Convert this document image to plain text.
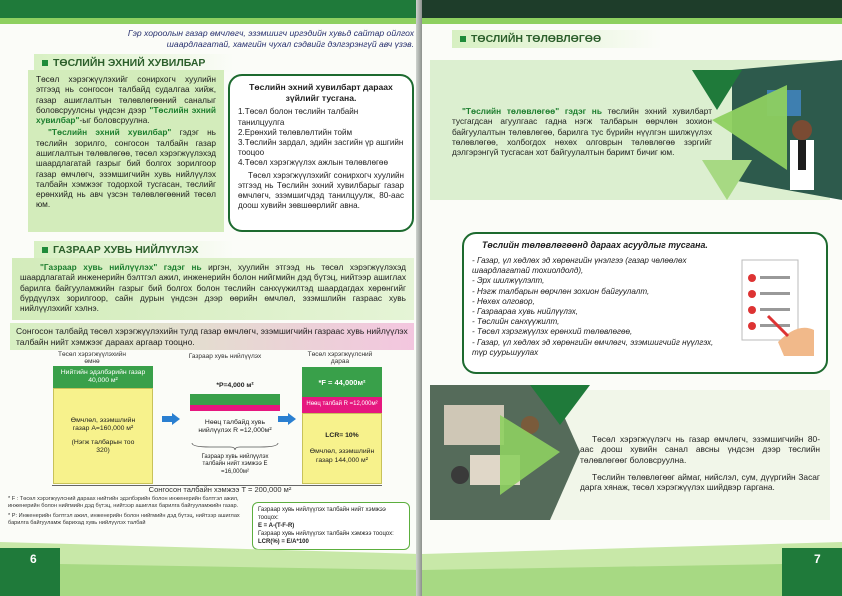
Гэр хороолын газар өмчлөгч, эзэмшигч иргэдийн хувьд сайтар ойлгох шаардлагатай, хамгийн чухал сэдвийг дэлгэрэнгүй авч үзэв.
ТӨСЛИЙН ЭХНИЙ ХУВИЛБАР

Төсөл хэрэгжүүлэхийг сонирхогч хуулийн этгээд нь сонгосон талбайд судалгаа хийж, газар ашиглалтын төлөвлөгөөний саналыг боловсруулсны үндсэн дээр "Төслийн эхний хувилбар"-ыг боловсруулна.

"Төслийн эхний хувилбар" гэдэг нь төслийн зорилго, сонгосон талбайн газар ашиглалтын төлөвлөгөө, төсөл хэрэгжүүлэхэд шаардлагатай газрыг бий болгох зорилгоор газар өмчлөгч, эзэмшигчийн хувь нийлүүлэх талбайн хэмжээг тодорхой тусгасан, төслийг ерөнхийд нь авч үзсэн төлөвлөгөөний төсөл юм.

Төслийн эхний хувилбарт дараах зүйлийг тусгана.
1.Төсөл болон төслийн талбайн танилцуулга
2.Ерөнхий төлөвлөлтийн тойм
3.Төслийн зардал, эдийн засгийн үр ашгийн тооцоо
4.Төсөл хэрэгжүүлэх ажлын төлөвлөгөө
Төсөл хэрэгжүүлэхийг сонирхогч хуулийн этгээд нь Төслийн эхний хувилбарыг газар өмчлөгч, эзэмшигчдэд танилцуулж, 80-аас доош хувийн зөвшөөрлийг авна.
ГАЗРААР ХУВЬ НИЙЛҮҮЛЭХ

"Газраар хувь нийлүүлэх" гэдэг нь иргэн, хуулийн этгээд нь төсөл хэрэгжүүлэхэд шаардлагатай инженерийн бэлтгэл ажил, инженерийн болон нийгмийн дэд бүтэц, нийтээр ашиглах барилга байгууламжийн газрыг бий болгох болон төслийн санхүүжилтэд шаардагдах хөрөнгийг бүрдүүлэх зорилгоор, сайн дурын үндсэн дээр өөрийн өмчлөл, эзэмшлийн газраас хувь нийлүүлэхийг хэлнэ.

Сонгосон талбайд төсөл хэрэгжүүлэхийн тулд газар өмчлөгч, эзэмшигчийн газраас хувь нийлүүлэх талбайн нийт хэмжээг дараах аргаар тооцно.
Төсөл хэрэгжүүлэхийн өмнө
Газраар хувь нийлүүлэх	Төсөл хэрэгжүүлсний дараа
Нийтийн эдэлбэрийн газар 40,000 м²
Өмчлөл, эзэмшлийн газар А=160,000 м²
(Нэгж талбарын тоо 320)
*P=4,000 м²
Нөөц талбайд хувь нийлүүлэх R =12,000м²
Газраар хувь нийлүүлэх талбайн нийт хэмжээ E =16,000м²
*F = 44,000м²
Нөөц талбай R =12,000м²
LCR= 10%
Өмчлөл, эзэмшлийн газар 144,000 м²
Сонгосон талбайн хэмжээ T = 200,000 м²
* F : Төсөл хэрэгжүүлсний дараах нийтийн эдэлбэрийн болон инженерийн бэлтгэл ажил, инженерийн болон нийгмийн дэд бүтэц, нийтээр ашиглах барилга байгууламжийн газар.
* P: Инженерийн бэлтгэл ажил, инженерийн болон нийгмийн дэд бүтэц, нийтээр ашиглах барилга байгууламж барихад хувь нийлүүлэх талбай
Газраар хувь нийлүүлэх талбайн нийт хэмжээ тооцох:
E = A-(T-F-R)
Газраар хувь нийлүүлэх талбайн хэмжээ тооцох:
LCR(%) = E/A*100
6
ТӨСЛИЙН ТӨЛӨВЛӨГӨӨ
"Төслийн төлөвлөгөө" гэдэг нь төслийн эхний хувилбарт тусгагдсан агуулгаас гадна нэгж талбарын өөрчлөн зохион байгуулалтын төлөвлөгөө, барилга тус бүрийн нүүлгэн шилжүүлэх төлөвлөгөө, холбогдох нөхөх олговрын төлөвлөгөө зэргийг дэлгэрэнгүй тусгасан хот байгуулалтын баримт бичиг юм.
Төслийн төлөвлөгөөнд дараах асуудлыг тусгана.
- Газар, үл хөдлөх эд хөрөнгийн үнэлгээ (газар чөлөөлөх шаардлагатай тохиолдолд),
- Эрх шилжүүлэлт,
- Нэгж талбарын өөрчлөн зохион байгуулалт,
- Нөхөх олговор,
- Газраараа хувь нийлүүлэх,
- Төслийн санхүүжилт,
- Төсөл хэрэгжүүлэх ерөнхий төлөвлөгөө,
- Газар, үл хөдлөх эд хөрөнгийн өмчлөгч, эзэмшигчийг нүүлгэх, түр суурьшуулах
Төсөл хэрэгжүүлэгч нь газар өмчлөгч, эзэмшигчийн 80-аас доош хувийн санал авсны үндсэн дээр төслийн төлөвлөгөөг боловсруулна.
Төслийн төлөвлөгөөг аймаг, нийслэл, сум, дүүргийн Засаг дарга хянаж, төсөл хэрэгжүүлэх шийдвэр гаргана.
7
